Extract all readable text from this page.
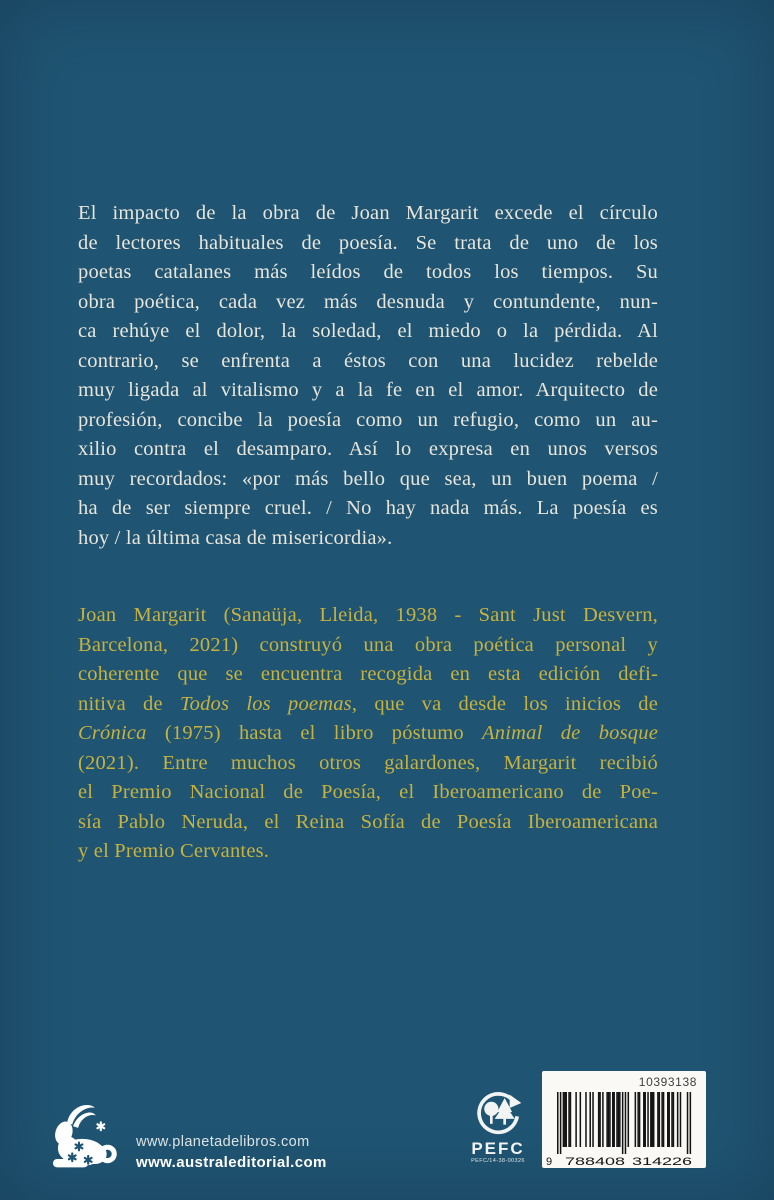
El impacto de la obra de Joan Margarit excede el círculo
de lectores habituales de poesía. Se trata de uno de los
poetas catalanes más leídos de todos los tiempos. Su
obra poética, cada vez más desnuda y contundente, nun-
ca rehúye el dolor, la soledad, el miedo o la pérdida. Al
contrario, se enfrenta a éstos con una lucidez rebelde
muy ligada al vitalismo y a la fe en el amor. Arquitecto de
profesión, concibe la poesía como un refugio, como un au-
xilio contra el desamparo. Así lo expresa en unos versos
muy recordados: «por más bello que sea, un buen poema /
ha de ser siempre cruel. / No hay nada más. La poesía es
hoy / la última casa de misericordia».
Joan Margarit (Sanaüja, Lleida, 1938 - Sant Just Desvern,
Barcelona, 2021) construyó una obra poética personal y
coherente que se encuentra recogida en esta edición defi-
nitiva de Todos los poemas, que va desde los inicios de
Crónica (1975) hasta el libro póstumo Animal de bosque
(2021). Entre muchos otros galardones, Margarit recibió
el Premio Nacional de Poesía, el Iberoamericano de Poe-
sía Pablo Neruda, el Reina Sofía de Poesía Iberoamericana
y el Premio Cervantes.
www.planetadelibros.com
www.australeditorial.com
PEFC
PEFC/14-38-00326
10393138
9 788408 314226
